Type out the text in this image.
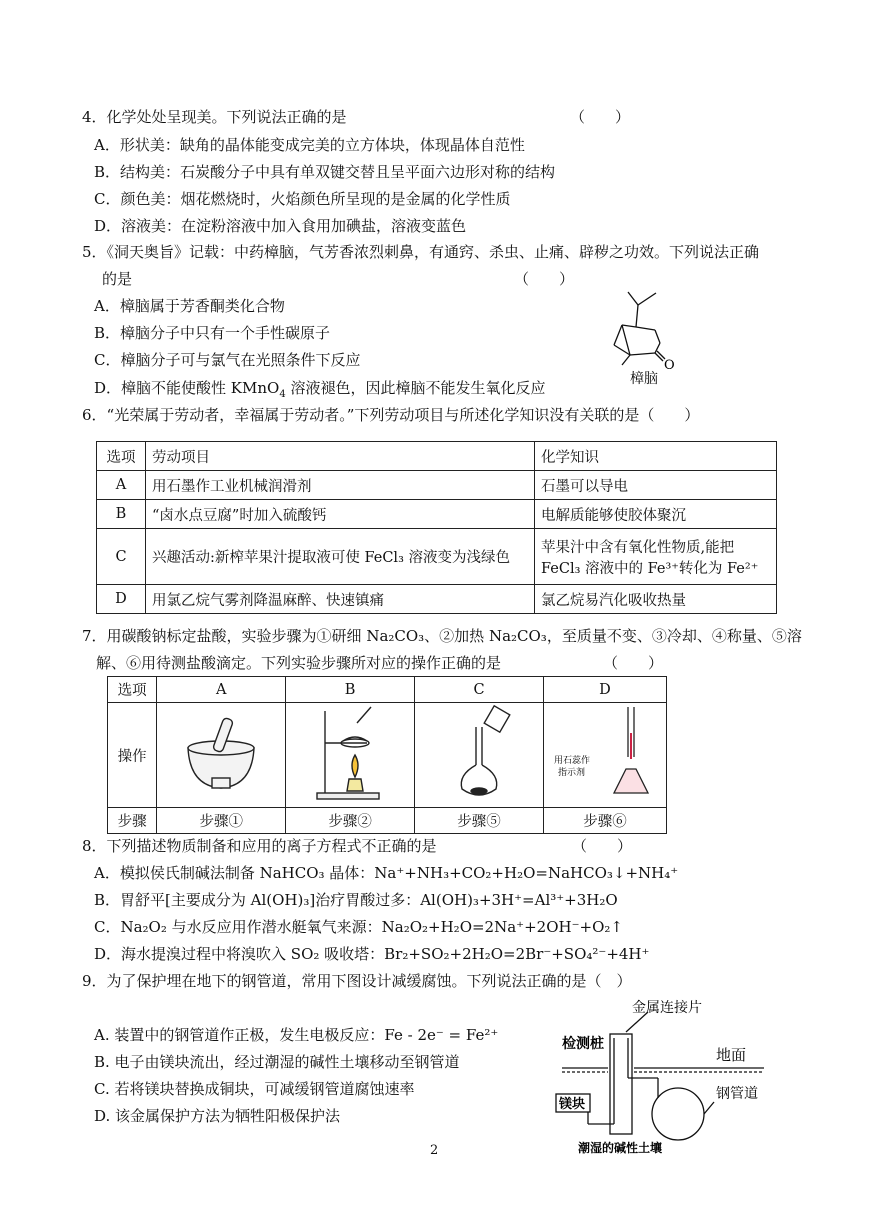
4．化学处处呈现美。下列说法正确的是	（　　）
A．形状美：缺角的晶体能变成完美的立方体块，体现晶体自范性
B．结构美：石炭酸分子中具有单双键交替且呈平面六边形对称的结构
C．颜色美：烟花燃烧时，火焰颜色所呈现的是金属的化学性质
D．溶液美：在淀粉溶液中加入食用加碘盐，溶液变蓝色
5．《洞天奥旨》记载：中药樟脑，气芳香浓烈刺鼻，有通窍、杀虫、止痛、辟秽之功效。下列说法正确
的是	（　　）
A．樟脑属于芳香酮类化合物
B．樟脑分子中只有一个手性碳原子
C．樟脑分子可与氯气在光照条件下反应
D．樟脑不能使酸性 KMnO$_4$ 溶液褪色，因此樟脑不能发生氧化反应
O
樟脑
6．“光荣属于劳动者，幸福属于劳动者。”下列劳动项目与所述化学知识没有关联的是（　　）
选项	劳动项目	化学知识
A	用石墨作工业机械润滑剂	石墨可以导电
B	“卤水点豆腐”时加入硫酸钙	电解质能够使胶体聚沉
C	兴趣活动:新榨苹果汁提取液可使 FeCl₃ 溶液变为浅绿色	苹果汁中含有氧化性物质,能把
FeCl₃ 溶液中的 Fe³⁺转化为 Fe²⁺

D	用氯乙烷气雾剂降温麻醉、快速镇痛	氯乙烷易汽化吸收热量
7．用碳酸钠标定盐酸，实验步骤为①研细 Na₂CO₃、②加热 Na₂CO₃，至质量不变、③冷却、④称量、⑤溶
解、⑥用待测盐酸滴定。下列实验步骤所对应的操作正确的是	（　　）
选项	A	B	C	D
操作				用石蕊作
指示剂

步骤	步骤①	步骤②	步骤⑤	步骤⑥
8．下列描述物质制备和应用的离子方程式不正确的是	（　　）
A．模拟侯氏制碱法制备 NaHCO₃ 晶体：Na⁺+NH₃+CO₂+H₂O=NaHCO₃↓+NH₄⁺
B．胃舒平[主要成分为 Al(OH)₃]治疗胃酸过多：Al(OH)₃+3H⁺=Al³⁺+3H₂O
C．Na₂O₂ 与水反应用作潜水艇氧气来源：Na₂O₂+H₂O=2Na⁺+2OH⁻+O₂↑
D．海水提溴过程中将溴吹入 SO₂ 吸收塔：Br₂+SO₂+2H₂O=2Br⁻+SO₄²⁻+4H⁺
9．为了保护埋在地下的钢管道，常用下图设计减缓腐蚀。下列说法正确的是（　）
A. 装置中的钢管道作正极，发生电极反应：Fe - 2e⁻ = Fe²⁺
B. 电子由镁块流出，经过潮湿的碱性土壤移动至钢管道
C. 若将镁块替换成铜块，可减缓钢管道腐蚀速率
D. 该金属保护方法为牺牲阳极保护法
金属连接片
检测桩
地面
钢管道
镁块
潮湿的碱性土壤
2
